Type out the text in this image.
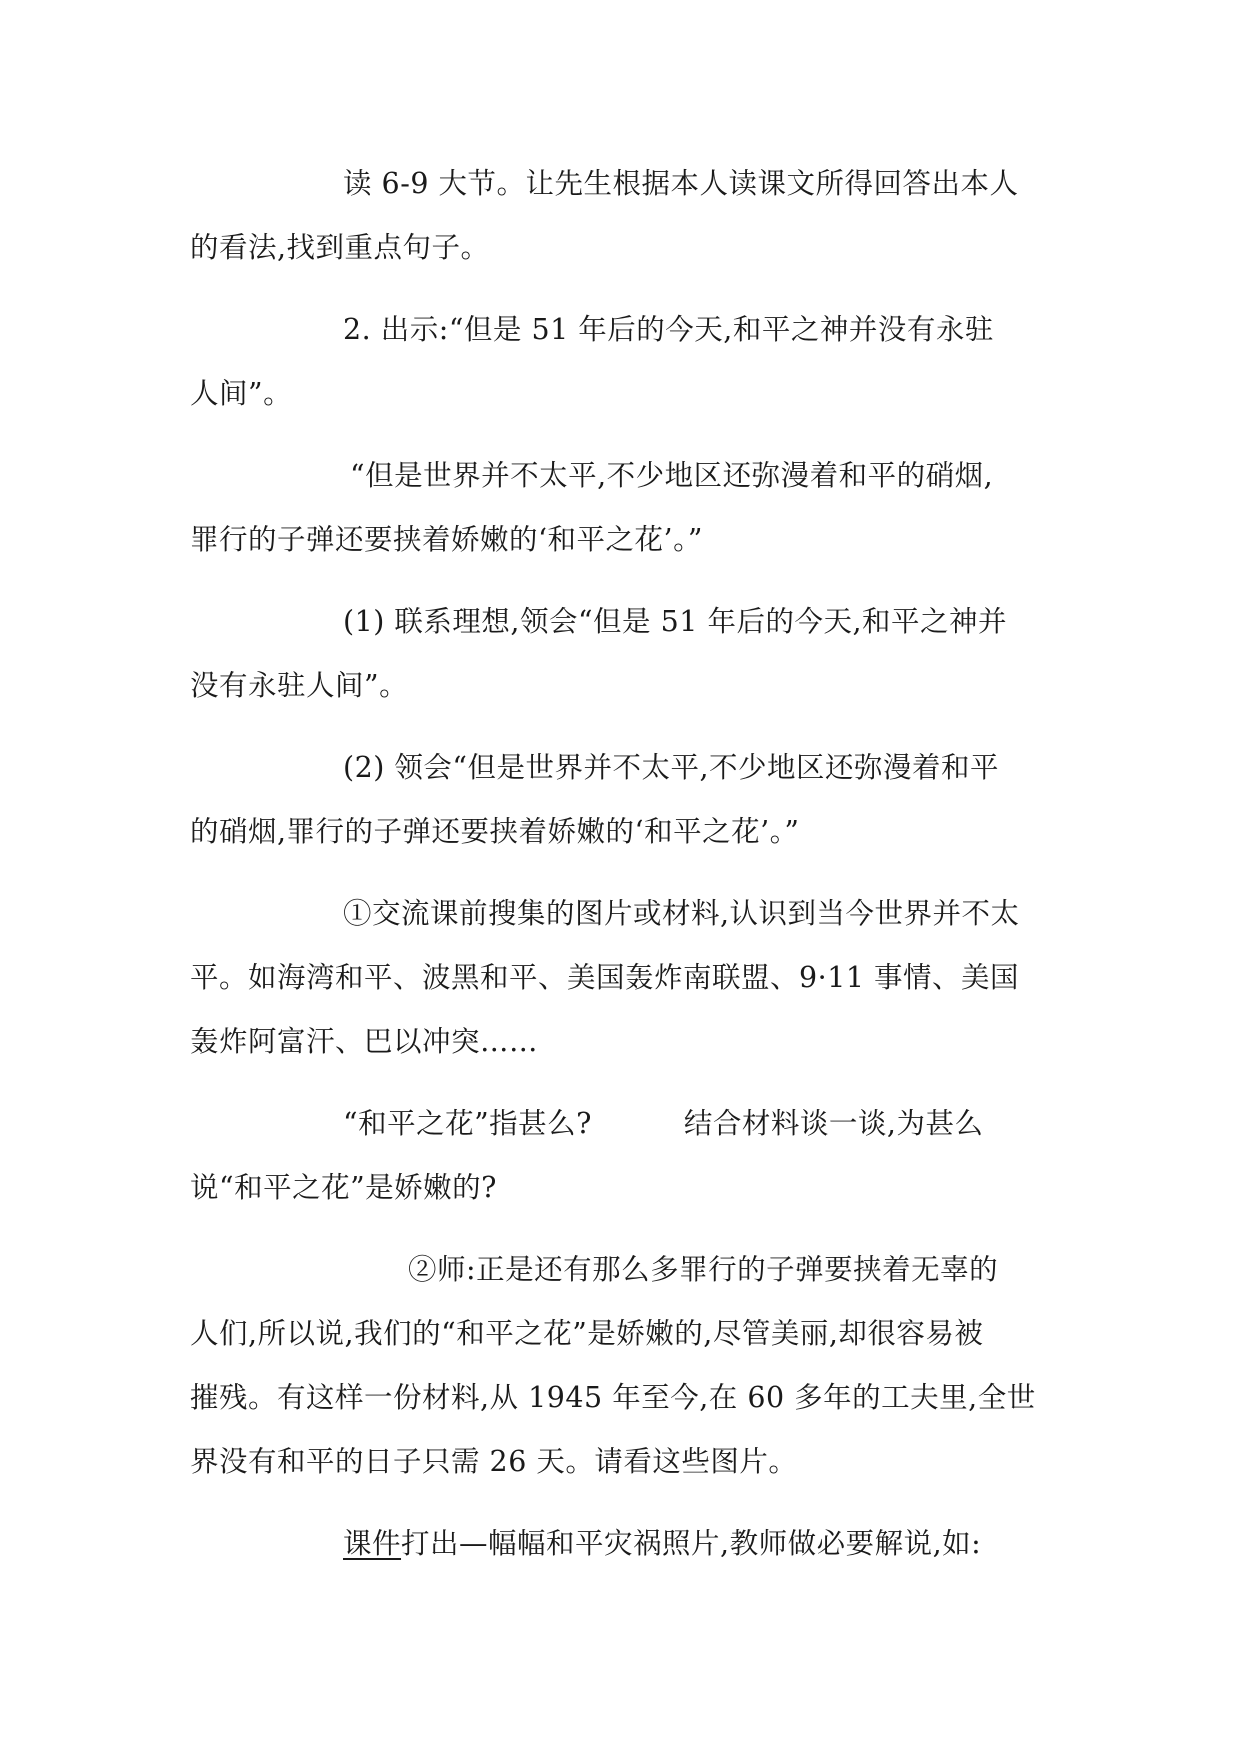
读 6-9 大节。让先生根据本人读课文所得回答出本人

的看法,找到重点句子。

2. 出示:“但是 51 年后的今天,和平之神并没有永驻

人间”。

“但是世界并不太平,不少地区还弥漫着和平的硝烟,

罪行的子弹还要挟着娇嫩的‘和平之花’。”

(1) 联系理想,领会“但是 51 年后的今天,和平之神并

没有永驻人间”。

(2) 领会“但是世界并不太平,不少地区还弥漫着和平

的硝烟,罪行的子弹还要挟着娇嫩的‘和平之花’。”

①交流课前搜集的图片或材料,认识到当今世界并不太

平。如海湾和平、波黑和平、美国轰炸南联盟、9·11 事情、美国

轰炸阿富汗、巴以冲突……

“和平之花”指甚么?	结合材料谈一谈,为甚么

说“和平之花”是娇嫩的?

②师:正是还有那么多罪行的子弹要挟着无辜的

人们,所以说,我们的“和平之花”是娇嫩的,尽管美丽,却很容易被

摧残。有这样一份材料,从 1945 年至今,在 60 多年的工夫里,全世

界没有和平的日子只需 26 天。请看这些图片。

课件打出—幅幅和平灾祸照片,教师做必要解说,如:
